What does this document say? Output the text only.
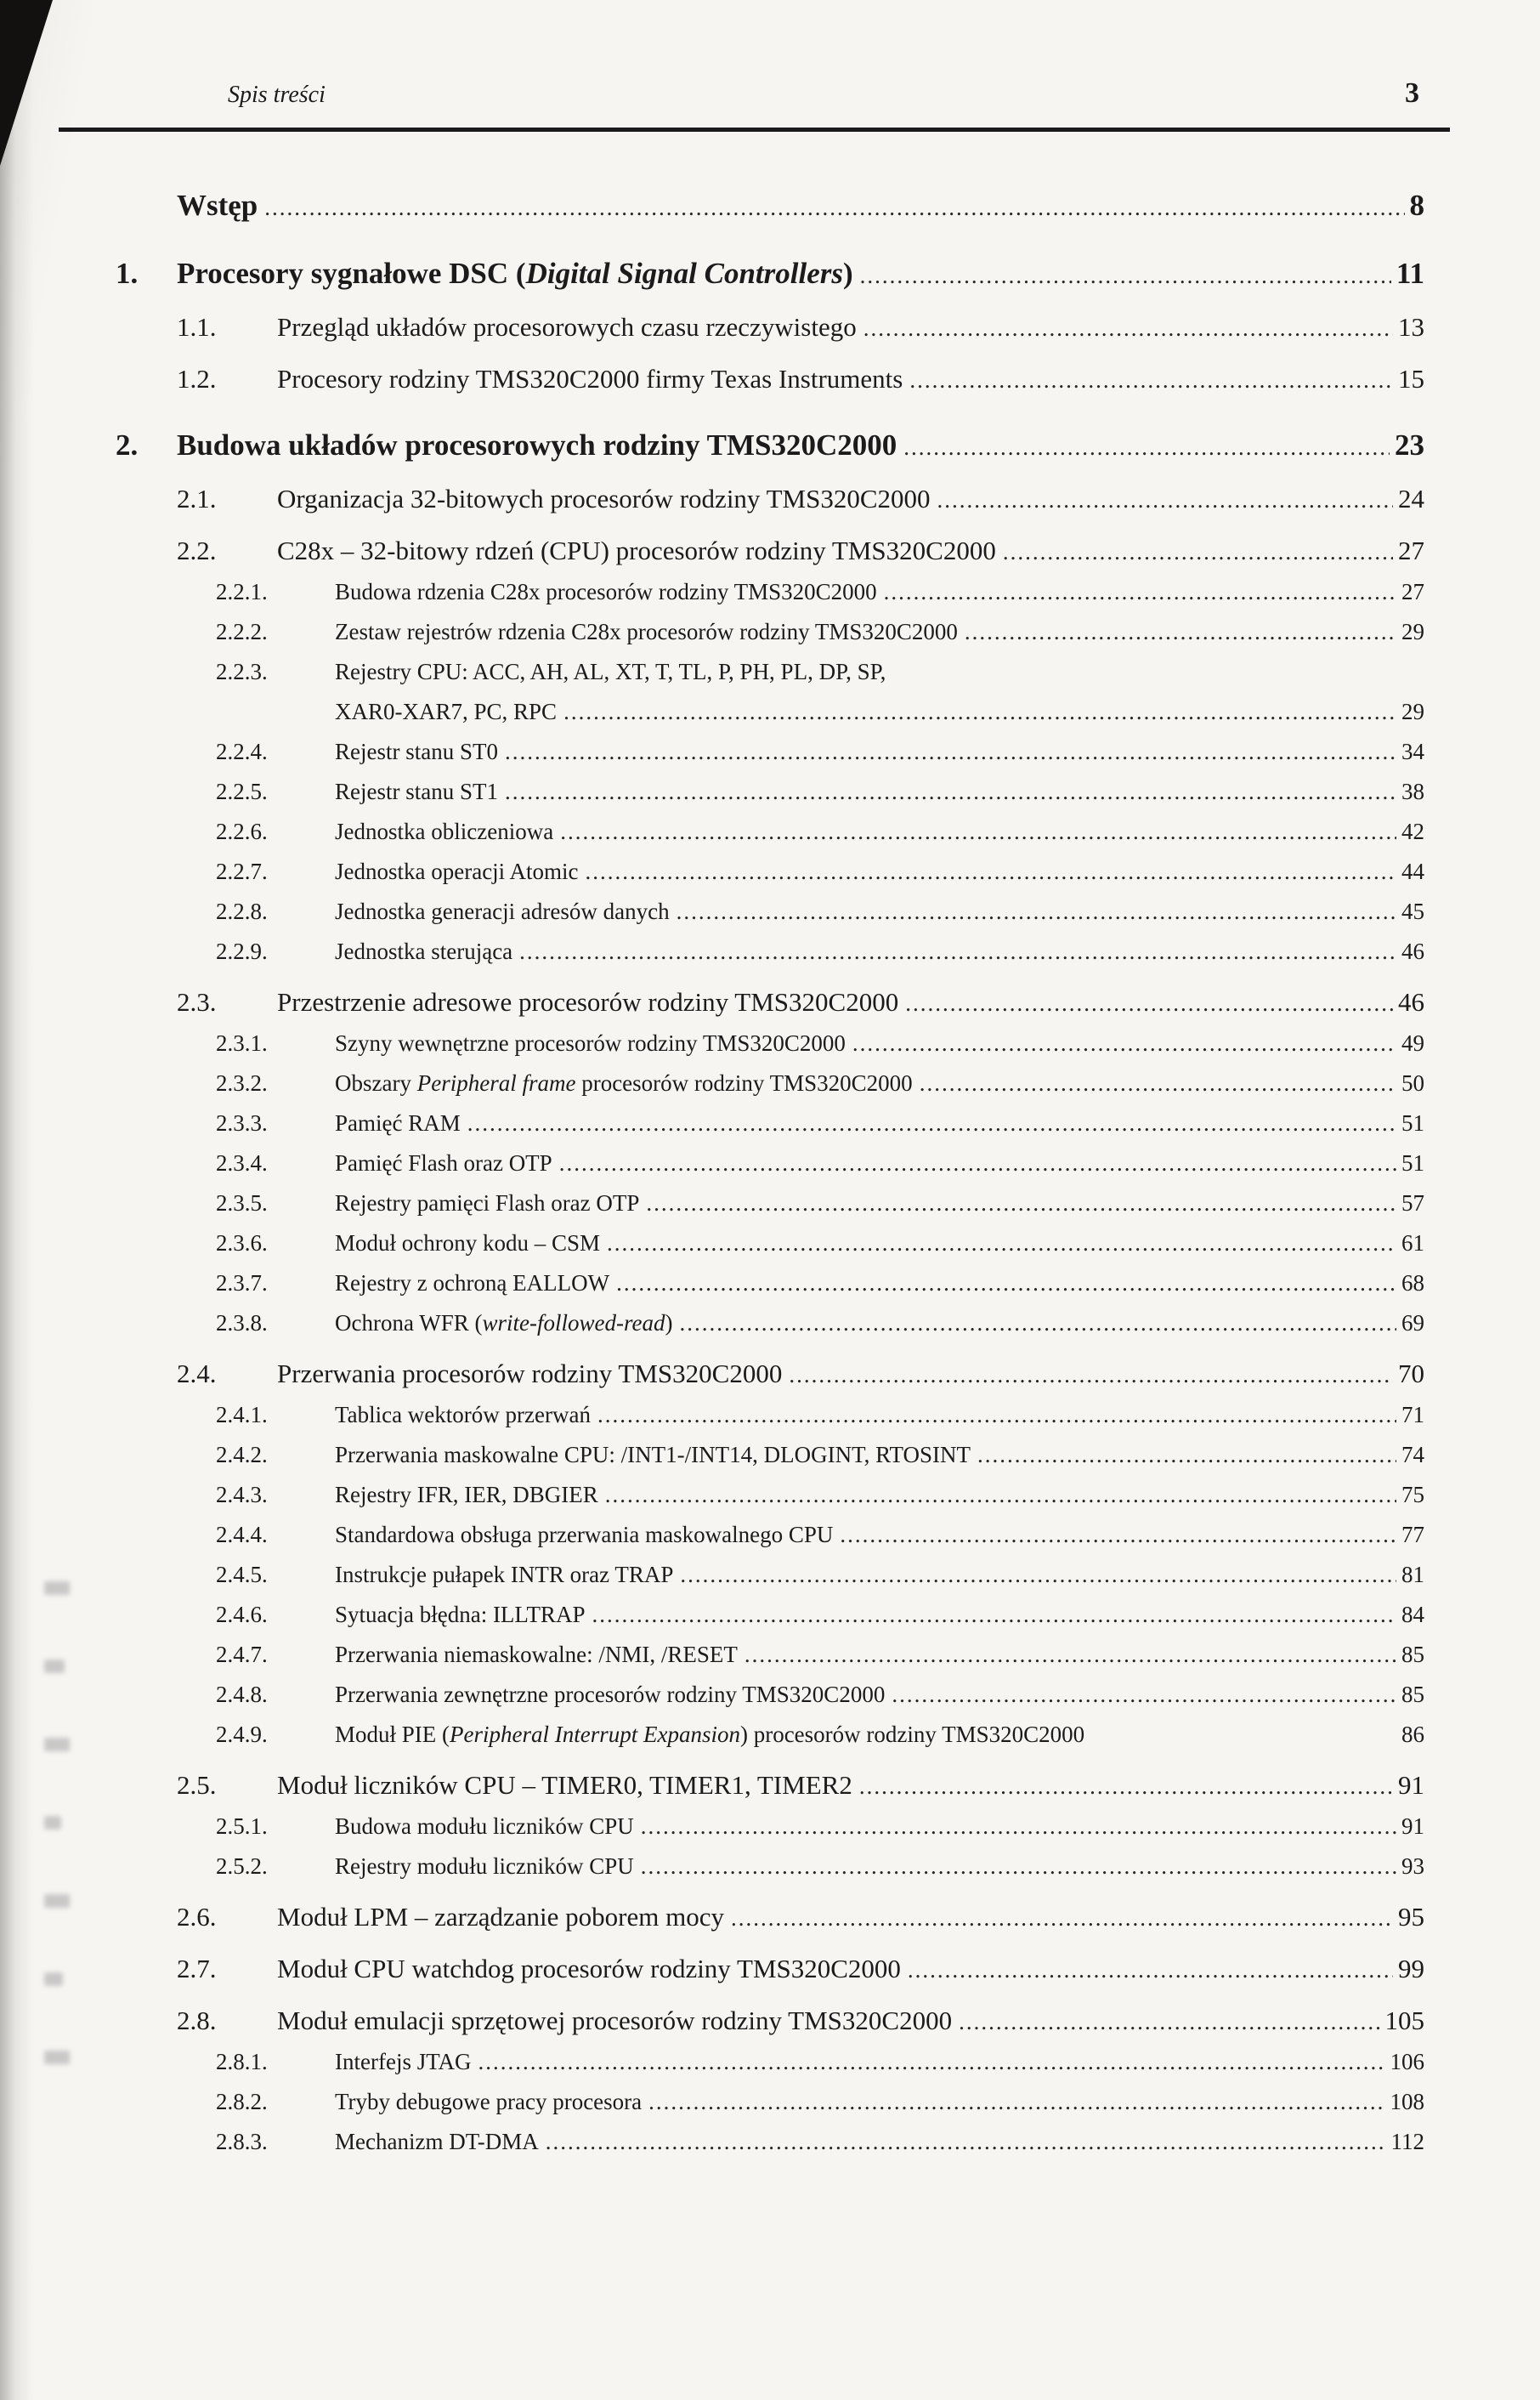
Spis treści	3
Wstęp .....	8
1.	Procesory sygnałowe DSC (Digital Signal Controllers) .....	11
1.1.	Przegląd układów procesorowych czasu rzeczywistego .....	13
1.2.	Procesory rodziny TMS320C2000 firmy Texas Instruments .....	15
2.	Budowa układów procesorowych rodziny TMS320C2000 .....	23
2.1.	Organizacja 32-bitowych procesorów rodziny TMS320C2000 .....	24
2.2.	C28x – 32-bitowy rdzeń (CPU) procesorów rodziny TMS320C2000 .....	27
2.2.1.	Budowa rdzenia C28x procesorów rodziny TMS320C2000 .....	27
2.2.2.	Zestaw rejestrów rdzenia C28x procesorów rodziny TMS320C2000 .....	29
2.2.3.	Rejestry CPU: ACC, AH, AL, XT, T, TL, P, PH, PL, DP, SP,
XAR0-XAR7, PC, RPC .....	29
2.2.4.	Rejestr stanu ST0 .....	34
2.2.5.	Rejestr stanu ST1 .....	38
2.2.6.	Jednostka obliczeniowa .....	42
2.2.7.	Jednostka operacji Atomic .....	44
2.2.8.	Jednostka generacji adresów danych .....	45
2.2.9.	Jednostka sterująca .....	46
2.3.	Przestrzenie adresowe procesorów rodziny TMS320C2000 .....	46
2.3.1.	Szyny wewnętrzne procesorów rodziny TMS320C2000 .....	49
2.3.2.	Obszary Peripheral frame procesorów rodziny TMS320C2000 .....	50
2.3.3.	Pamięć RAM .....	51
2.3.4.	Pamięć Flash oraz OTP .....	51
2.3.5.	Rejestry pamięci Flash oraz OTP .....	57
2.3.6.	Moduł ochrony kodu – CSM .....	61
2.3.7.	Rejestry z ochroną EALLOW .....	68
2.3.8.	Ochrona WFR (write-followed-read) .....	69
2.4.	Przerwania procesorów rodziny TMS320C2000 .....	70
2.4.1.	Tablica wektorów przerwań .....	71
2.4.2.	Przerwania maskowalne CPU: /INT1-/INT14, DLOGINT, RTOSINT .....	74
2.4.3.	Rejestry IFR, IER, DBGIER .....	75
2.4.4.	Standardowa obsługa przerwania maskowalnego CPU .....	77
2.4.5.	Instrukcje pułapek INTR oraz TRAP .....	81
2.4.6.	Sytuacja błędna: ILLTRAP .....	84
2.4.7.	Przerwania niemaskowalne: /NMI, /RESET .....	85
2.4.8.	Przerwania zewnętrzne procesorów rodziny TMS320C2000 .....	85
2.4.9.	Moduł PIE (Peripheral Interrupt Expansion) procesorów rodziny TMS320C2000	86
2.5.	Moduł liczników CPU – TIMER0, TIMER1, TIMER2 .....	91
2.5.1.	Budowa modułu liczników CPU .....	91
2.5.2.	Rejestry modułu liczników CPU .....	93
2.6.	Moduł LPM – zarządzanie poborem mocy .....	95
2.7.	Moduł CPU watchdog procesorów rodziny TMS320C2000 .....	99
2.8.	Moduł emulacji sprzętowej procesorów rodziny TMS320C2000 .....	105
2.8.1.	Interfejs JTAG .....	106
2.8.2.	Tryby debugowe pracy procesora .....	108
2.8.3.	Mechanizm DT-DMA .....	112
